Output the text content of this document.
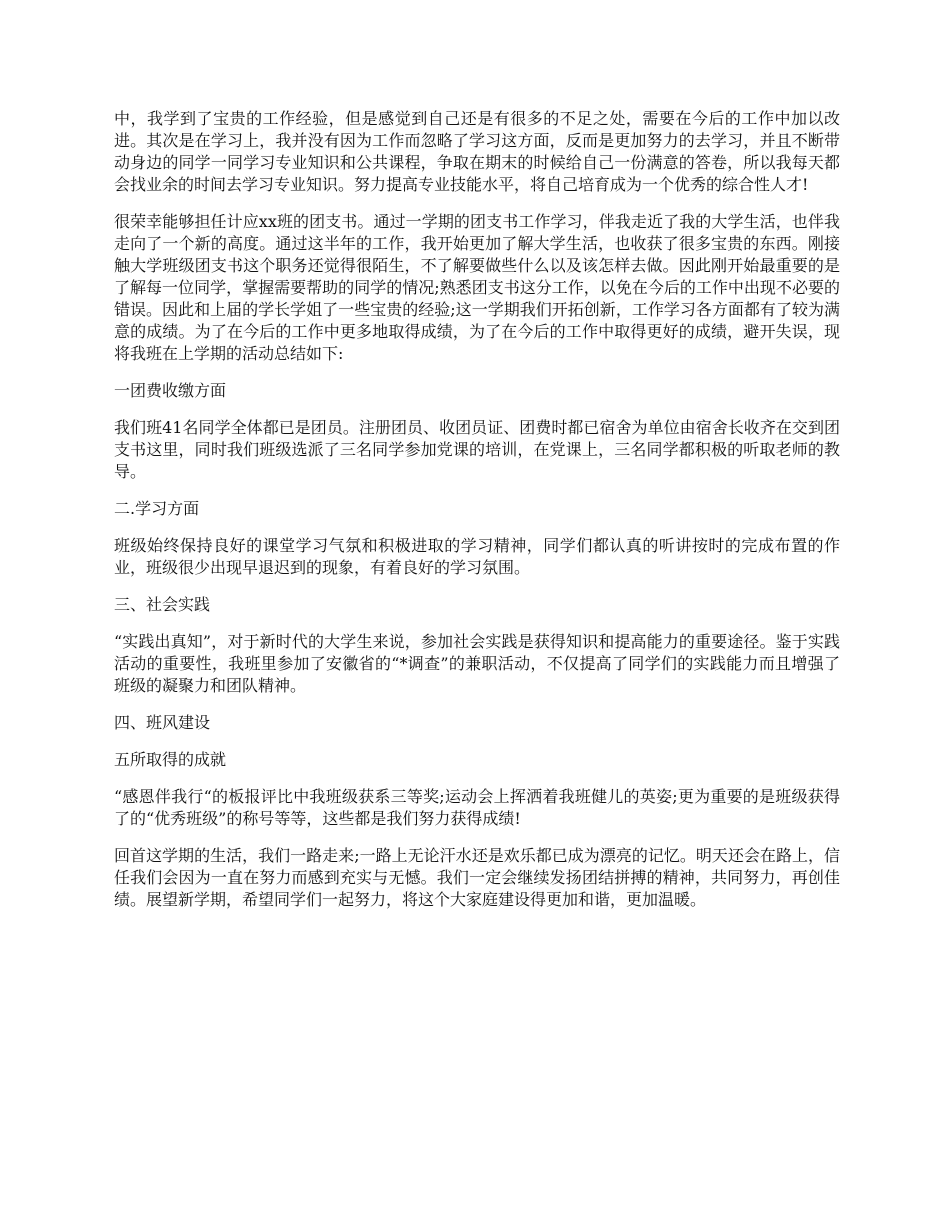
中，我学到了宝贵的工作经验，但是感觉到自己还是有很多的不足之处，需要在今后的工作中加以改进。其次是在学习上，我并没有因为工作而忽略了学习这方面，反而是更加努力的去学习，并且不断带动身边的同学一同学习专业知识和公共课程，争取在期末的时候给自己一份满意的答卷，所以我每天都会找业余的时间去学习专业知识。努力提高专业技能水平，将自己培育成为一个优秀的综合性人才!

很荣幸能够担任计应xx班的团支书。通过一学期的团支书工作学习，伴我走近了我的大学生活，也伴我走向了一个新的高度。通过这半年的工作，我开始更加了解大学生活，也收获了很多宝贵的东西。刚接触大学班级团支书这个职务还觉得很陌生，不了解要做些什么以及该怎样去做。因此刚开始最重要的是了解每一位同学，掌握需要帮助的同学的情况;熟悉团支书这分工作，以免在今后的工作中出现不必要的错误。因此和上届的学长学姐了一些宝贵的经验;这一学期我们开拓创新，工作学习各方面都有了较为满意的成绩。为了在今后的工作中更多地取得成绩，为了在今后的工作中取得更好的成绩，避开失误，现将我班在上学期的活动总结如下:

一团费收缴方面

我们班41名同学全体都已是团员。注册团员、收团员证、团费时都已宿舍为单位由宿舍长收齐在交到团支书这里，同时我们班级选派了三名同学参加党课的培训，在党课上，三名同学都积极的听取老师的教导。

二.学习方面

班级始终保持良好的课堂学习气氛和积极进取的学习精神，同学们都认真的听讲按时的完成布置的作业，班级很少出现早退迟到的现象，有着良好的学习氛围。

三、社会实践

“实践出真知”，对于新时代的大学生来说，参加社会实践是获得知识和提高能力的重要途径。鉴于实践活动的重要性，我班里参加了安徽省的“*调查”的兼职活动，不仅提高了同学们的实践能力而且增强了班级的凝聚力和团队精神。

四、班风建设

五所取得的成就

“感恩伴我行“的板报评比中我班级获系三等奖;运动会上挥洒着我班健儿的英姿;更为重要的是班级获得了的“优秀班级”的称号等等，这些都是我们努力获得成绩!

回首这学期的生活，我们一路走来;一路上无论汗水还是欢乐都已成为漂亮的记忆。明天还会在路上，信任我们会因为一直在努力而感到充实与无憾。我们一定会继续发扬团结拼搏的精神，共同努力，再创佳绩。展望新学期，希望同学们一起努力，将这个大家庭建设得更加和谐，更加温暖。
